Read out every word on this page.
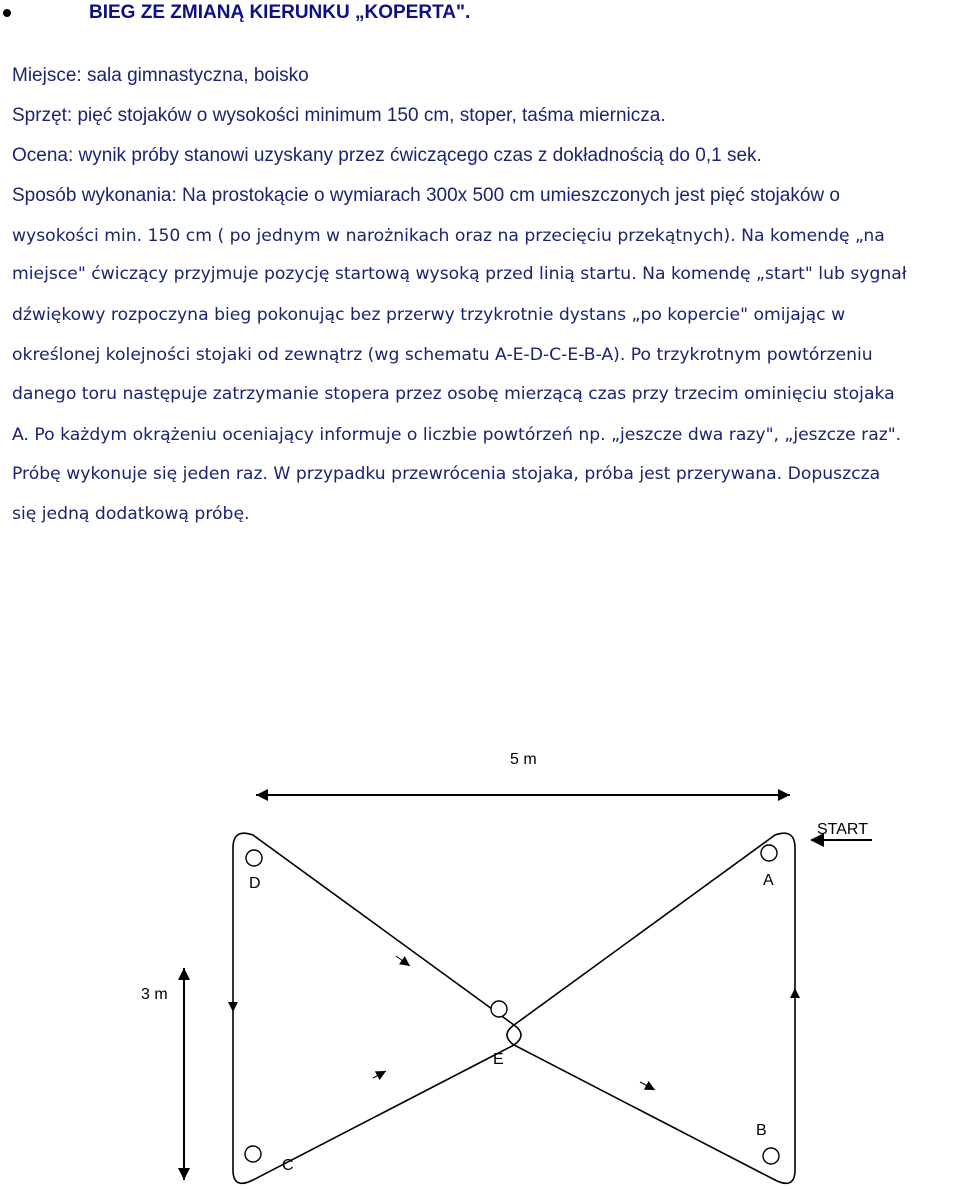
BIEG ZE ZMIANĄ KIERUNKU „KOPERTA".
Miejsce: sala gimnastyczna, boisko
Sprzęt: pięć stojaków o wysokości minimum 150 cm, stoper, taśma miernicza.
Ocena: wynik próby stanowi uzyskany przez ćwiczącego czas z dokładnością do 0,1 sek.
Sposób wykonania: Na prostokącie o wymiarach 300x 500 cm umieszczonych jest pięć stojaków o
wysokości min. 150 cm ( po jednym w narożnikach oraz na przecięciu przekątnych). Na komendę „na
miejsce" ćwiczący przyjmuje pozycję startową wysoką przed linią startu. Na komendę „start" lub sygnał
dźwiękowy rozpoczyna bieg pokonując bez przerwy trzykrotnie dystans „po kopercie" omijając w
określonej kolejności stojaki od zewnątrz (wg schematu A-E-D-C-E-B-A). Po trzykrotnym powtórzeniu
danego toru następuje zatrzymanie stopera przez osobę mierzącą czas przy trzecim ominięciu stojaka
A. Po każdym okrążeniu oceniający informuje o liczbie powtórzeń np. „jeszcze dwa razy", „jeszcze raz".
Próbę wykonuje się jeden raz. W przypadku przewrócenia stojaka, próba jest przerywana. Dopuszcza
się jedną dodatkową próbę.
5 m
3 m
START
D	A
E
C
B
